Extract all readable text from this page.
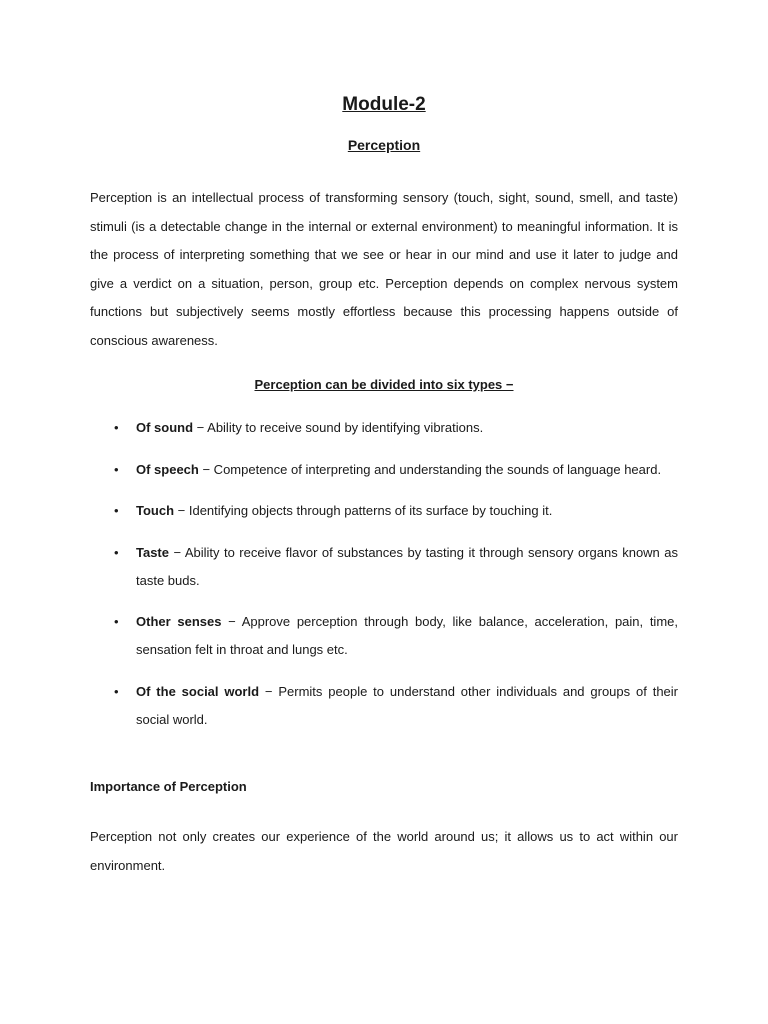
Module-2
Perception

Perception is an intellectual process of transforming sensory (touch, sight, sound, smell, and taste) stimuli (is a detectable change in the internal or external environment) to meaningful information. It is the process of interpreting something that we see or hear in our mind and use it later to judge and give a verdict on a situation, person, group etc. Perception depends on complex nervous system functions but subjectively seems mostly effortless because this processing happens outside of conscious awareness.

Perception can be divided into six types −
• Of sound − Ability to receive sound by identifying vibrations.
• Of speech − Competence of interpreting and understanding the sounds of language heard.
• Touch − Identifying objects through patterns of its surface by touching it.
• Taste − Ability to receive flavor of substances by tasting it through sensory organs known as taste buds.
• Other senses − Approve perception through body, like balance, acceleration, pain, time, sensation felt in throat and lungs etc.
• Of the social world − Permits people to understand other individuals and groups of their social world.
Importance of Perception

Perception not only creates our experience of the world around us; it allows us to act within our environment.
